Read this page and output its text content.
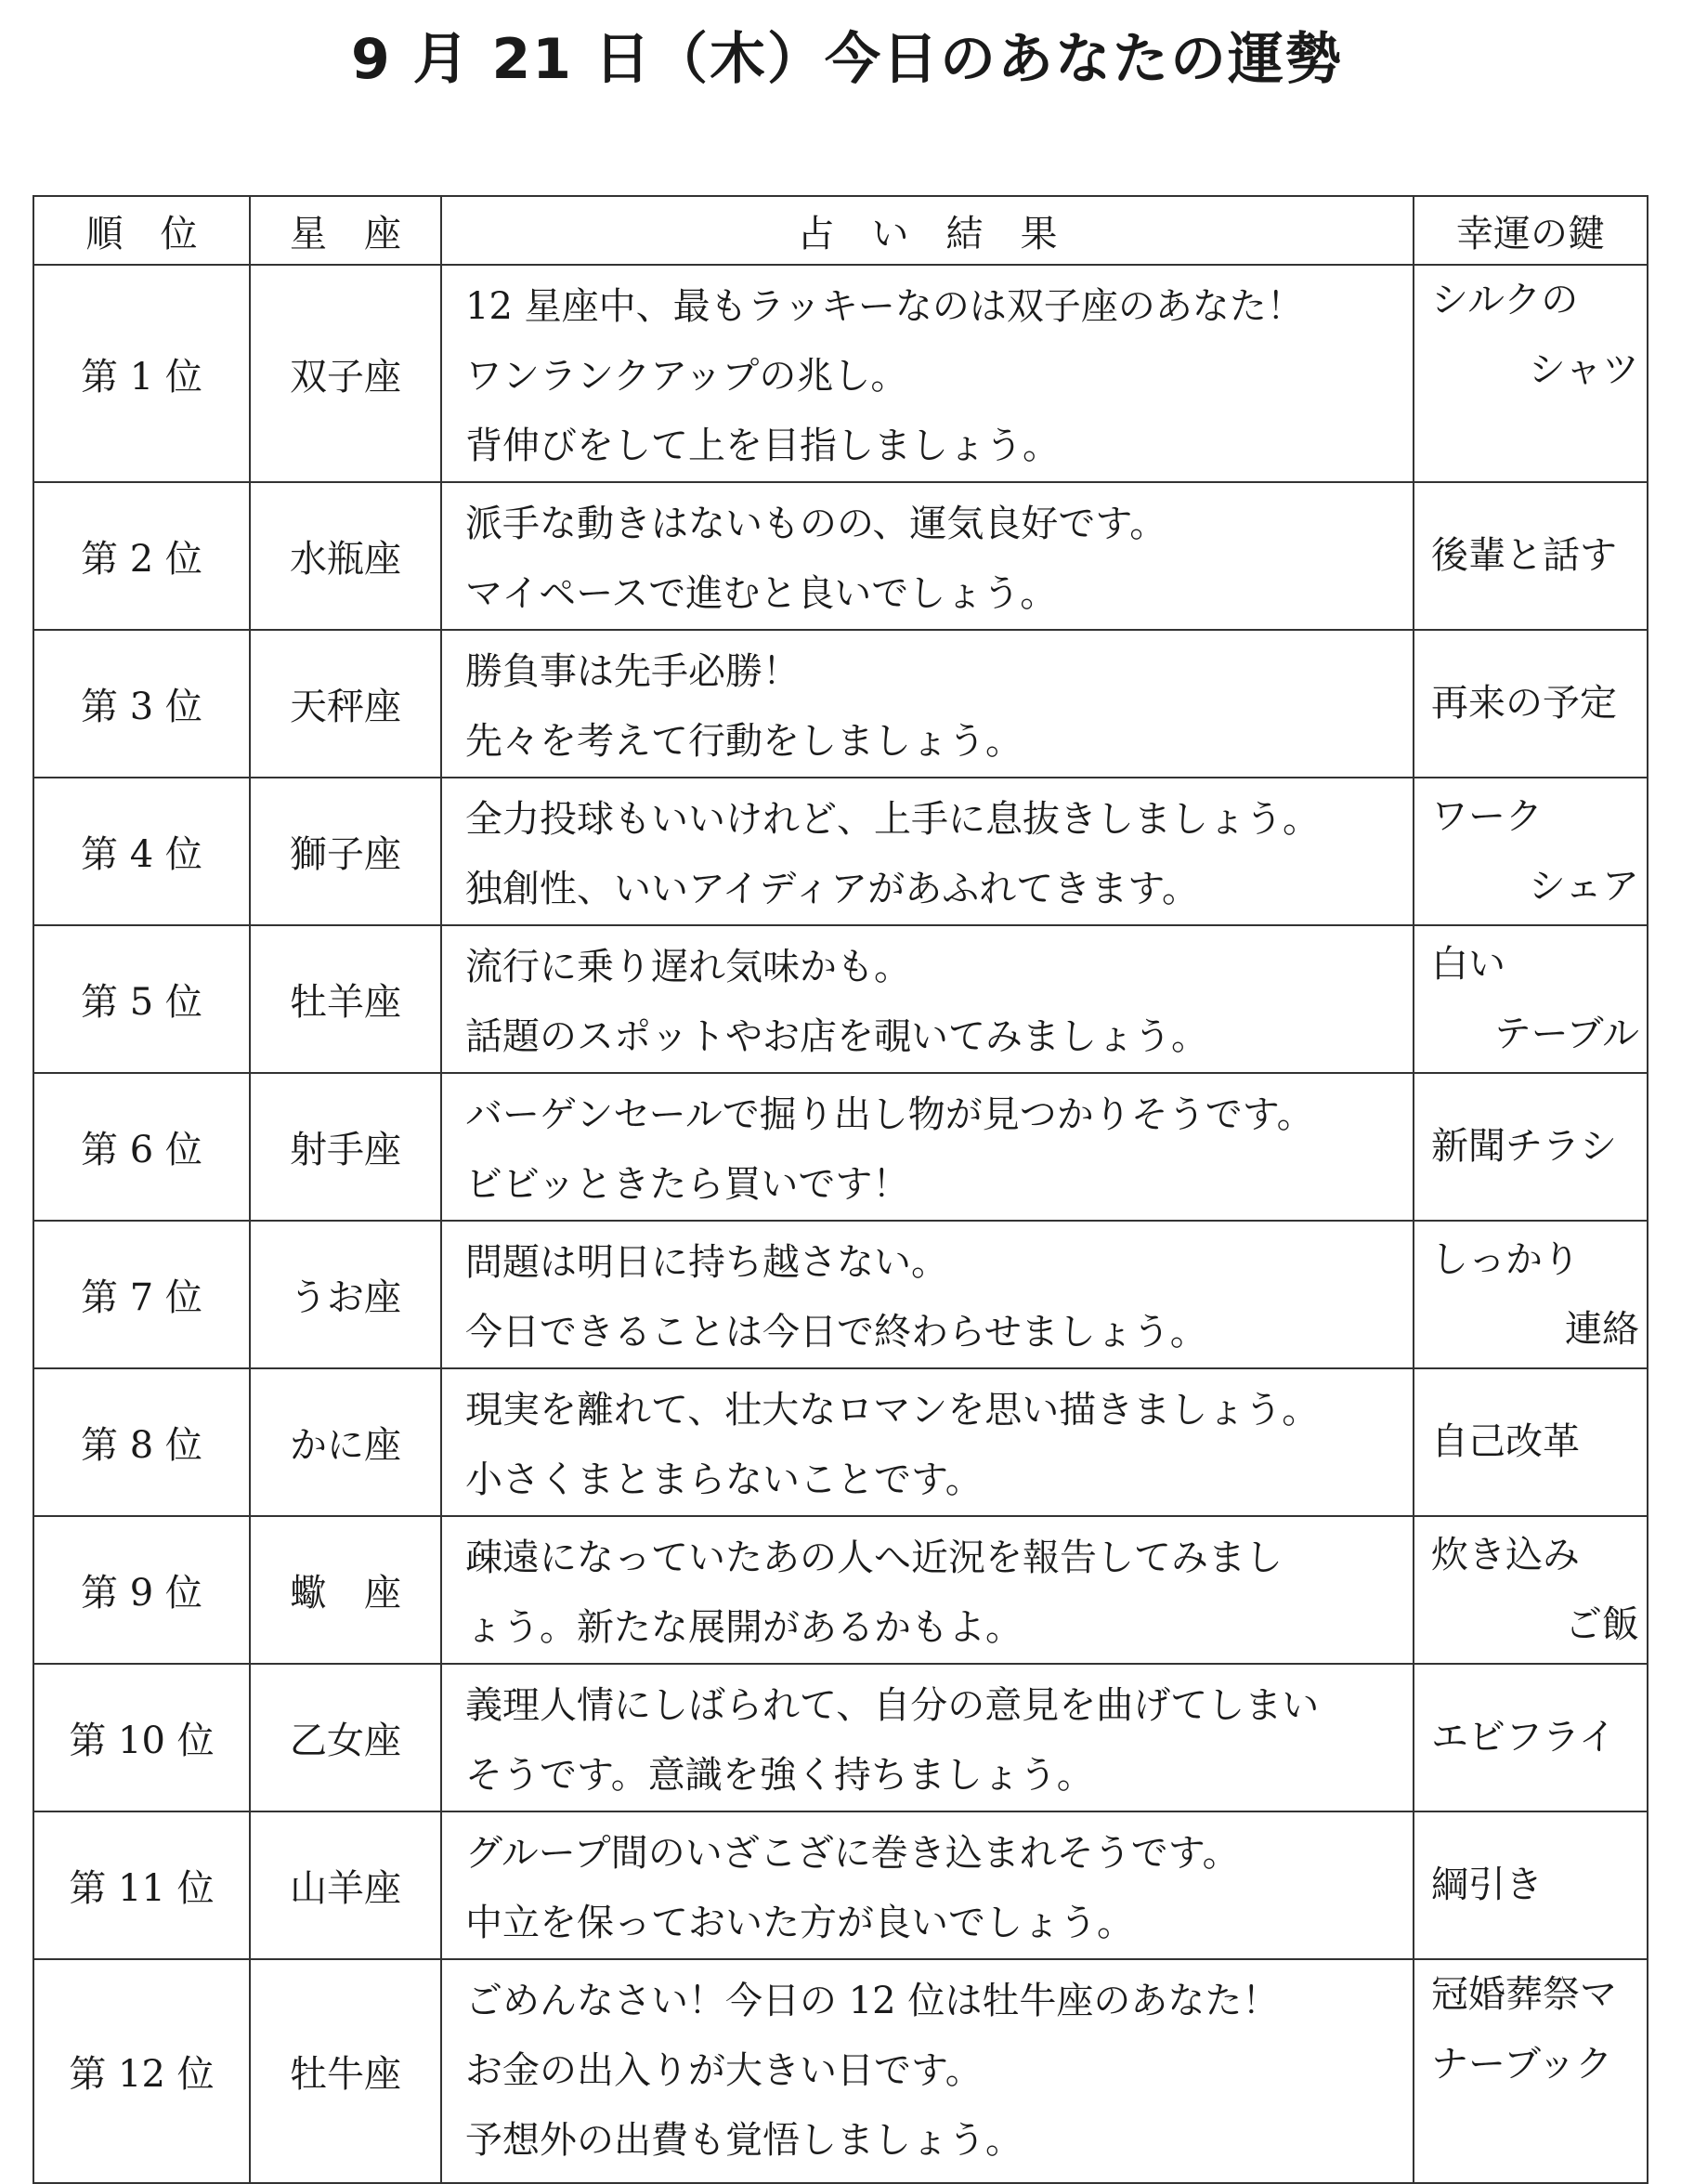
9 月 21 日（木）今日のあなたの運勢
順　位	星　座	占　い　結　果	幸運の鍵
第 1 位	双子座	12 星座中、最もラッキーなのは双子座のあなた！
ワンランクアップの兆し。
背伸びをして上を目指しましょう。	シルクの
シャツ

第 2 位	水瓶座	派手な動きはないものの、運気良好です。
マイペースで進むと良いでしょう。	後輩と話す

第 3 位	天秤座	勝負事は先手必勝！
先々を考えて行動をしましょう。	再来の予定

第 4 位	獅子座	全力投球もいいけれど、上手に息抜きしましょう。
独創性、いいアイディアがあふれてきます。	ワーク
シェア

第 5 位	牡羊座	流行に乗り遅れ気味かも。
話題のスポットやお店を覗いてみましょう。	白い
テーブル

第 6 位	射手座	バーゲンセールで掘り出し物が見つかりそうです。
ビビッときたら買いです！	新聞チラシ

第 7 位	うお座	問題は明日に持ち越さない。
今日できることは今日で終わらせましょう。	しっかり
連絡

第 8 位	かに座	現実を離れて、壮大なロマンを思い描きましょう。
小さくまとまらないことです。	自己改革

第 9 位	蠍　座	疎遠になっていたあの人へ近況を報告してみまし
ょう。新たな展開があるかもよ。	炊き込み
ご飯

第 10 位	乙女座	義理人情にしばられて、自分の意見を曲げてしまい
そうです。意識を強く持ちましょう。	エビフライ

第 11 位	山羊座	グループ間のいざこざに巻き込まれそうです。
中立を保っておいた方が良いでしょう。	綱引き

第 12 位	牡牛座	ごめんなさい！今日の 12 位は牡牛座のあなた！
お金の出入りが大きい日です。
予想外の出費も覚悟しましょう。	冠婚葬祭マ
ナーブック
